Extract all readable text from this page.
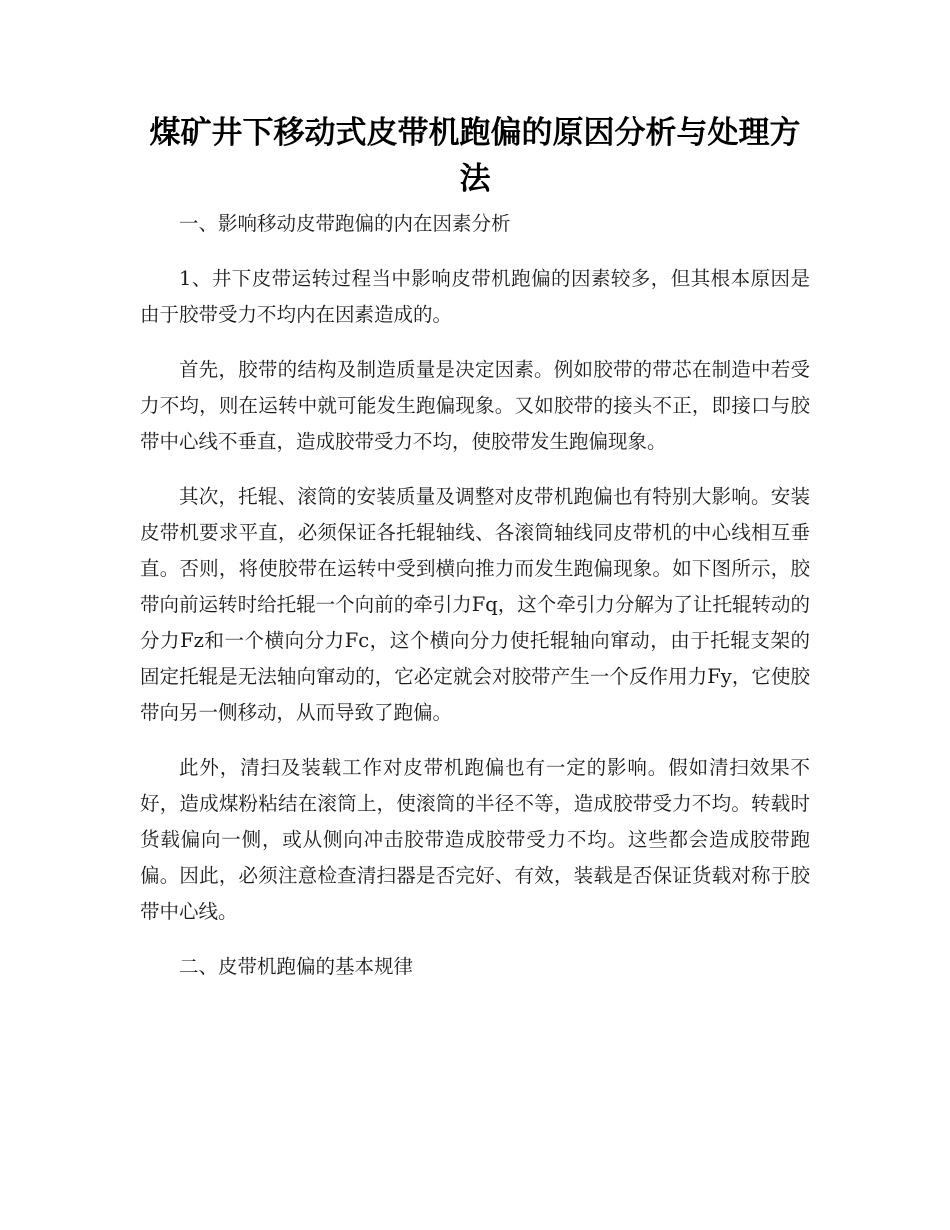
煤矿井下移动式皮带机跑偏的原因分析与处理方法

一、影响移动皮带跑偏的内在因素分析

1、井下皮带运转过程当中影响皮带机跑偏的因素较多，但其根本原因是由于胶带受力不均内在因素造成的。

首先，胶带的结构及制造质量是决定因素。例如胶带的带芯在制造中若受力不均，则在运转中就可能发生跑偏现象。又如胶带的接头不正，即接口与胶带中心线不垂直，造成胶带受力不均，使胶带发生跑偏现象。

其次，托辊、滚筒的安装质量及调整对皮带机跑偏也有特别大影响。安装皮带机要求平直，必须保证各托辊轴线、各滚筒轴线同皮带机的中心线相互垂直。否则，将使胶带在运转中受到横向推力而发生跑偏现象。如下图所示，胶带向前运转时给托辊一个向前的牵引力Fq，这个牵引力分解为了让托辊转动的分力Fz和一个横向分力Fc，这个横向分力使托辊轴向窜动，由于托辊支架的固定托辊是无法轴向窜动的，它必定就会对胶带产生一个反作用力Fy，它使胶带向另一侧移动，从而导致了跑偏。

此外，清扫及装载工作对皮带机跑偏也有一定的影响。假如清扫效果不好，造成煤粉粘结在滚筒上，使滚筒的半径不等，造成胶带受力不均。转载时货载偏向一侧，或从侧向冲击胶带造成胶带受力不均。这些都会造成胶带跑偏。因此，必须注意检查清扫器是否完好、有效，装载是否保证货载对称于胶带中心线。

二、皮带机跑偏的基本规律
